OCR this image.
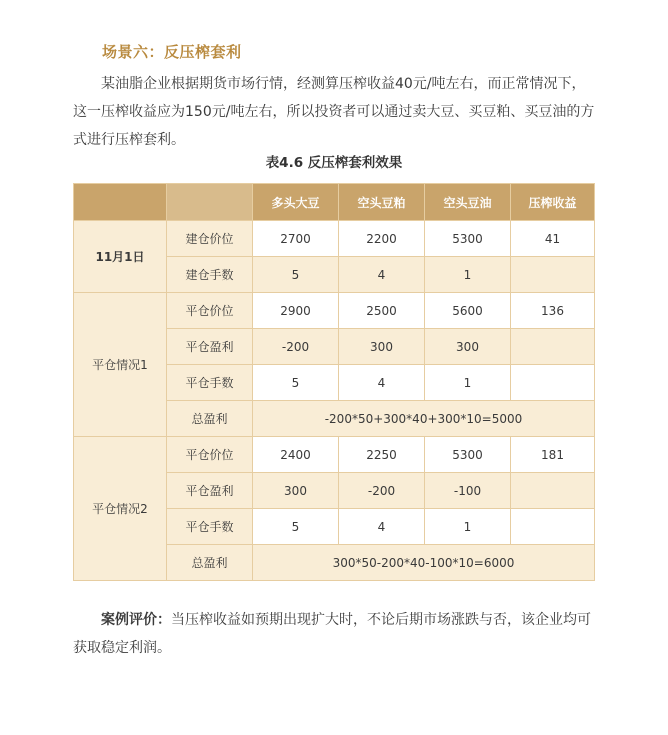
场景六：反压榨套利

某油脂企业根据期货市场行情，经测算压榨收益40元/吨左右，而正常情况下，这一压榨收益应为150元/吨左右，所以投资者可以通过卖大豆、买豆粕、买豆油的方式进行压榨套利。

表4.6 反压榨套利效果
		多头大豆	空头豆粕	空头豆油	压榨收益
11月1日	建仓价位	2700	2200	5300	41
	建仓手数	5	4	1	
平仓情况1	平仓价位	2900	2500	5600	136
	平仓盈利	-200	300	300	
	平仓手数	5	4	1	
	总盈利	-200*50+300*40+300*10=5000			
平仓情况2	平仓价位	2400	2250	5300	181
	平仓盈利	300	-200	-100	
	平仓手数	5	4	1	
	总盈利	300*50-200*40-100*10=6000			

案例评价：当压榨收益如预期出现扩大时，不论后期市场涨跌与否，该企业均可获取稳定利润。
